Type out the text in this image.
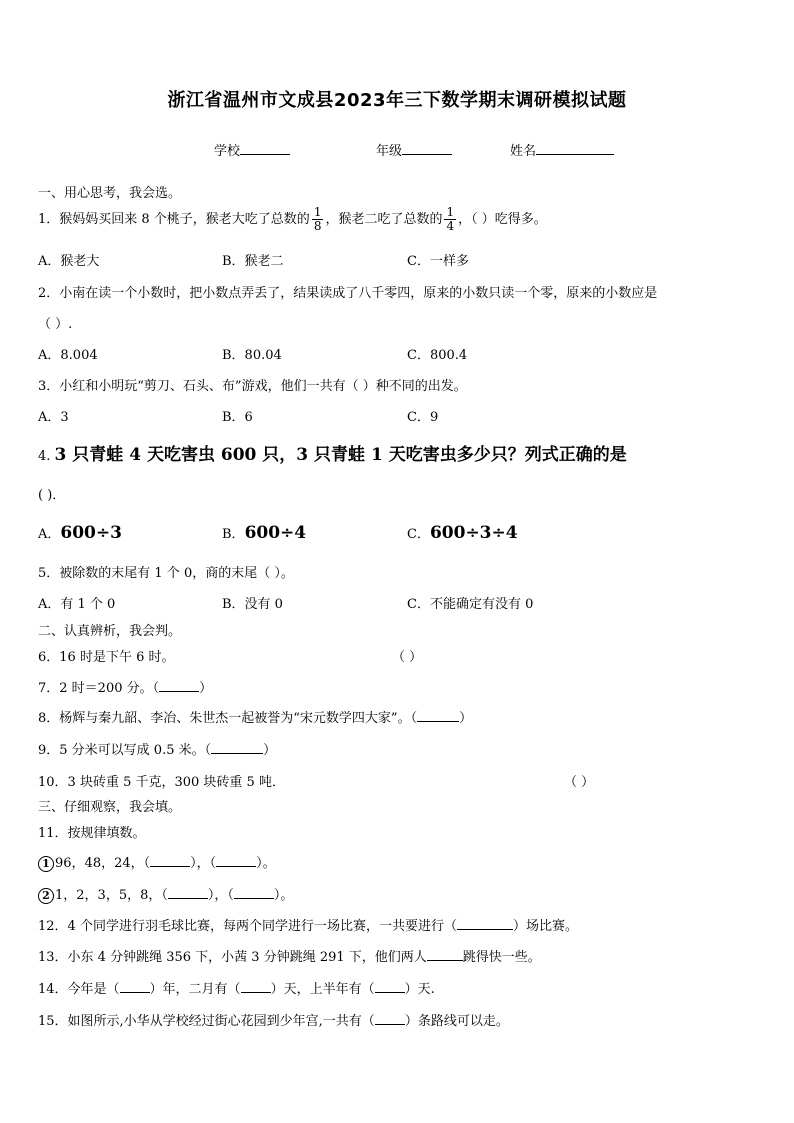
浙江省温州市文成县2023年三下数学期末调研模拟试题
学校	年级	姓名
一、用心思考，我会选。
1．猴妈妈买回来 8 个桃子，猴老大吃了总数的 $\frac{1}{8}$ ，猴老二吃了总数的 $\frac{1}{4}$ ，（ ）吃得多。
A．猴老大	B．猴老二	C．一样多
2．小南在读一个小数时，把小数点弄丢了，结果读成了八千零四，原来的小数只读一个零，原来的小数应是
（ ）.
A．8.004	B．80.04	C．800.4
3．小红和小明玩“剪刀、石头、布”游戏，他们一共有（ ）种不同的出发。
A．3	B．6	C．9
4. 3 只青蛙 4 天吃害虫 600 只，3 只青蛙 1 天吃害虫多少只？列式正确的是
( )．
A．600÷3	B．600÷4	C．600÷3÷4
5．被除数的末尾有 1 个 0，商的末尾（ ）。
A．有 1 个 0	B．没有 0	C．不能确定有没有 0
二、认真辨析，我会判。
6．16 时是下午 6 时。	（ ）
7．2 时＝200 分。（	）
8．杨辉与秦九韶、李冶、朱世杰一起被誉为“宋元数学四大家”。（	）
9．5 分米可以写成 0.5 米。（	）
10．3 块砖重 5 千克，300 块砖重 5 吨．	（ ）
三、仔细观察，我会填。
11．按规律填数。
1 96，48，24，（	），（	）。
2 1，2，3，5，8，（	），（	）。
12．4 个同学进行羽毛球比赛，每两个同学进行一场比赛，一共要进行（	）场比赛。
13．小东 4 分钟跳绳 356 下，小茜 3 分钟跳绳 291 下，他们两人	跳得快一些。
14．今年是（ ）年，二月有（ ）天，上半年有（ ）天.
15．如图所示,小华从学校经过街心花园到少年宫,一共有（ ）条路线可以走。
